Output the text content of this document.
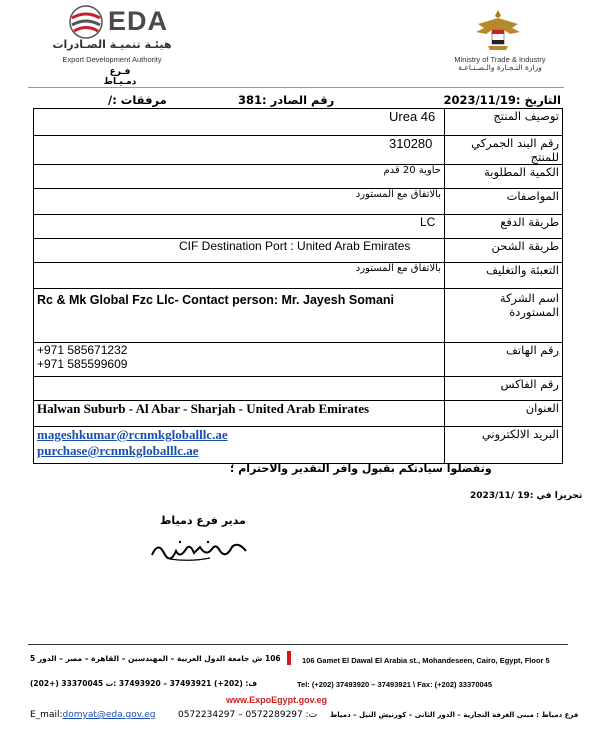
EDA
هيئـة تنميـة الصـادرات
Export Development Authority
فـرع دمـيـاط
Ministry of Trade & Industry
وزارة التـجـارة والـصـنـاعـة
التاريخ :2023/11/19
رقم الصادر :381
مرفقات :/
Urea 46	توصيف المنتج

310280	رقم البند الجمركي للمنتج
حاوية 20 قدم	الكمية المطلوبة
بالاتفاق مع المستورد	المواصفات

LC	طريقة الدفع

CIF Destination Port : United Arab Emirates	طريقة الشحن
بالاتفاق مع المستورد	التعبئة والتغليف

Rc & Mk Global Fzc Llc- Contact person: Mr. Jayesh Somani	اسم الشركة المستوردة

+971 585671232
+971 585599609	رقم الهاتف
	رقم الفاكس

Halwan Suburb - Al Abar - Sharjah - United Arab Emirates	العنوان

mageshkumar@rcnmkgloballlc.ae
purchase@rcnmkgloballlc.ae	البريد الالكتروني
وتفضلوا سيادتكم بقبول وافر التقدير والاحترام ؛
تحريرا في :19 /2023/11
مدير فرع دمياط
106 ش جامعة الدول العربية – المهندسين – القاهرة – مصر – الدور 5	106 Gamet El Dawal El Arabia st., Mohandeseen, Cairo, Egypt, Floor 5
(202+) 33370045 ف: (202+) 37493921 – 37493920 :ت	Tel: (+202) 37493920 – 37493921 \ Fax: (+202) 33370045
www.ExpoEgypt.gov.eg
E_mail:domyat@eda.gov.eg	0572234297 – 0572289297 :ت فرع دمياط : مبنى الغرفة التجارية – الدور الثانى – كورنيش النيل – دمياط
